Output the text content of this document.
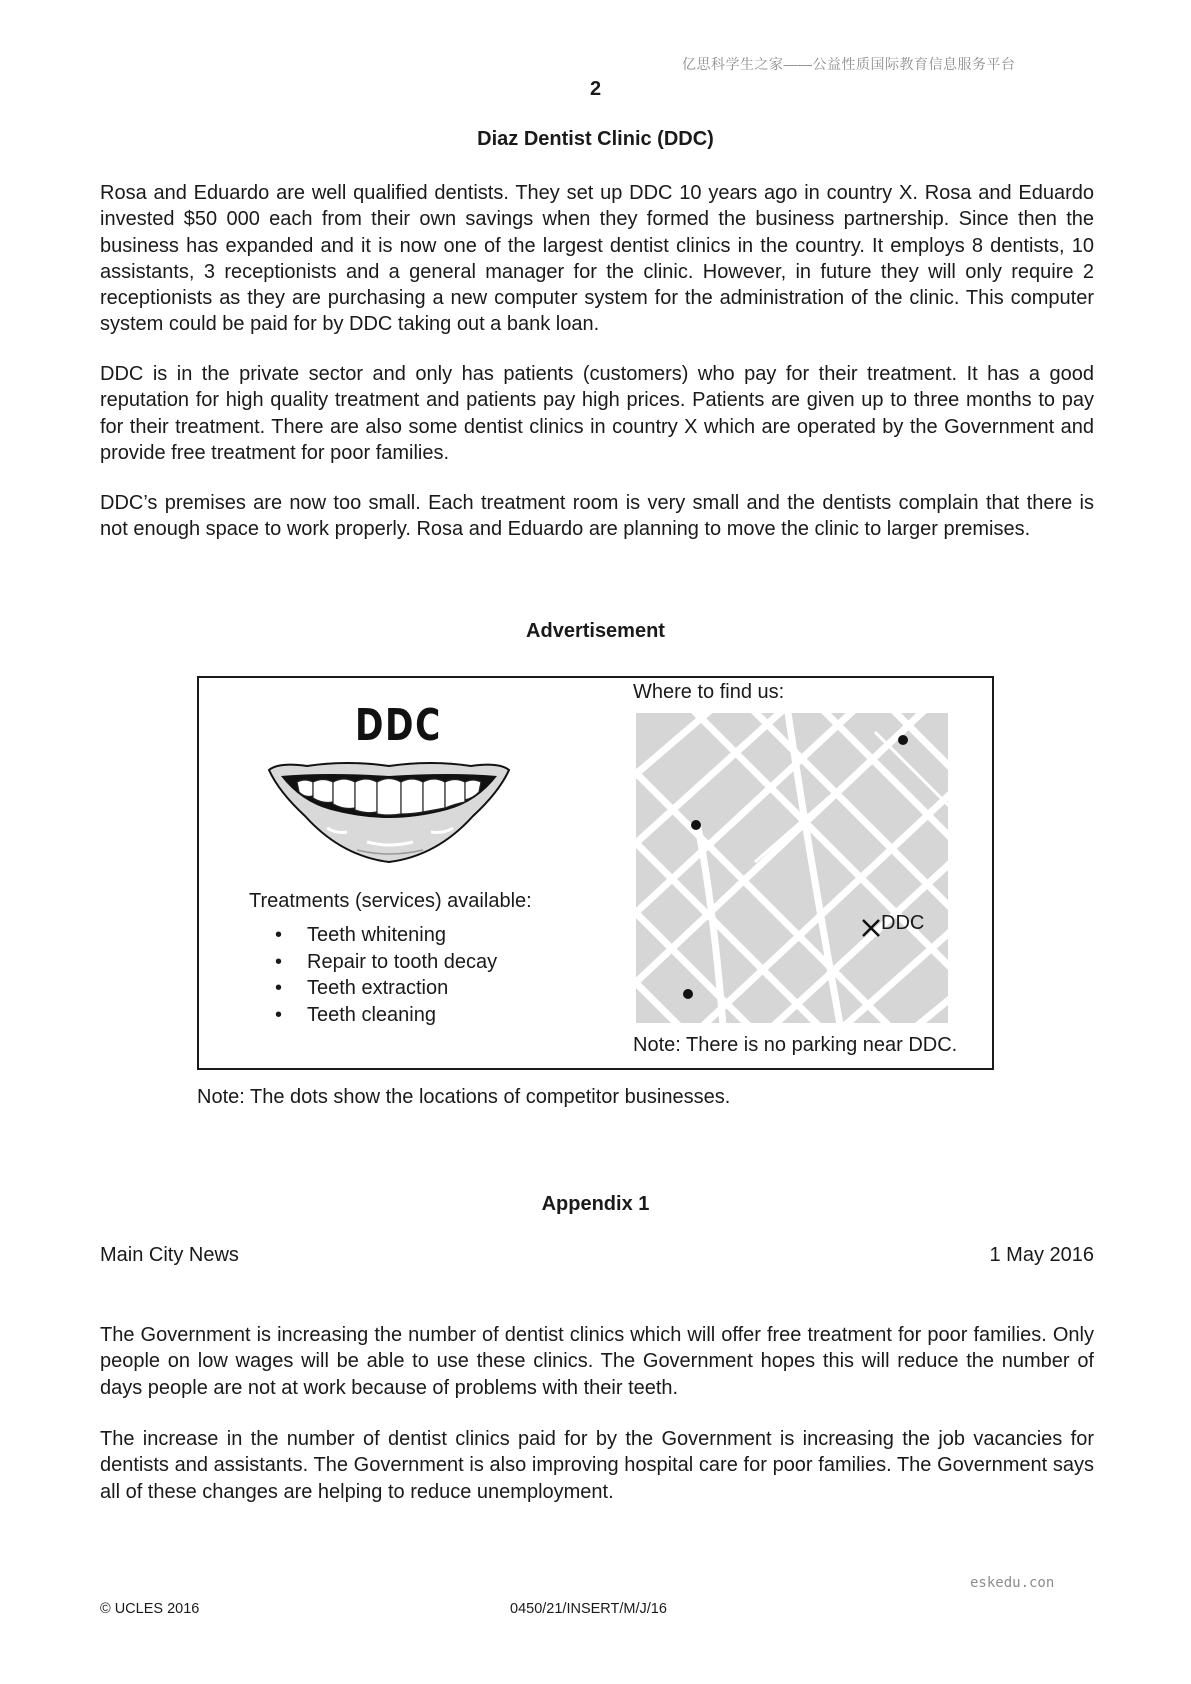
亿思科学生之家——公益性质国际教育信息服务平台
2
Diaz Dentist Clinic (DDC)

Rosa and Eduardo are well qualified dentists. They set up DDC 10 years ago in country X. Rosa and Eduardo invested $50 000 each from their own savings when they formed the business partnership. Since then the business has expanded and it is now one of the largest dentist clinics in the country. It employs 8 dentists, 10 assistants, 3 receptionists and a general manager for the clinic. However, in future they will only require 2 receptionists as they are purchasing a new computer system for the administration of the clinic. This computer system could be paid for by DDC taking out a bank loan.

DDC is in the private sector and only has patients (customers) who pay for their treatment. It has a good reputation for high quality treatment and patients pay high prices. Patients are given up to three months to pay for their treatment. There are also some dentist clinics in country X which are operated by the Government and provide free treatment for poor families.

DDC’s premises are now too small. Each treatment room is very small and the dentists complain that there is not enough space to work properly. Rosa and Eduardo are planning to move the clinic to larger premises.

Advertisement
DDC
Treatments (services) available:
• Teeth whitening
• Repair to tooth decay
• Teeth extraction
• Teeth cleaning
Where to find us:
DDC
Note: There is no parking near DDC.
Note: The dots show the locations of competitor businesses.
Appendix 1
Main City News	1 May 2016

The Government is increasing the number of dentist clinics which will offer free treatment for poor families. Only people on low wages will be able to use these clinics. The Government hopes this will reduce the number of days people are not at work because of problems with their teeth.

The increase in the number of dentist clinics paid for by the Government is increasing the job vacancies for dentists and assistants. The Government is also improving hospital care for poor families. The Government says all of these changes are helping to reduce unemployment.

eskedu.con
© UCLES 2016	0450/21/INSERT/M/J/16
